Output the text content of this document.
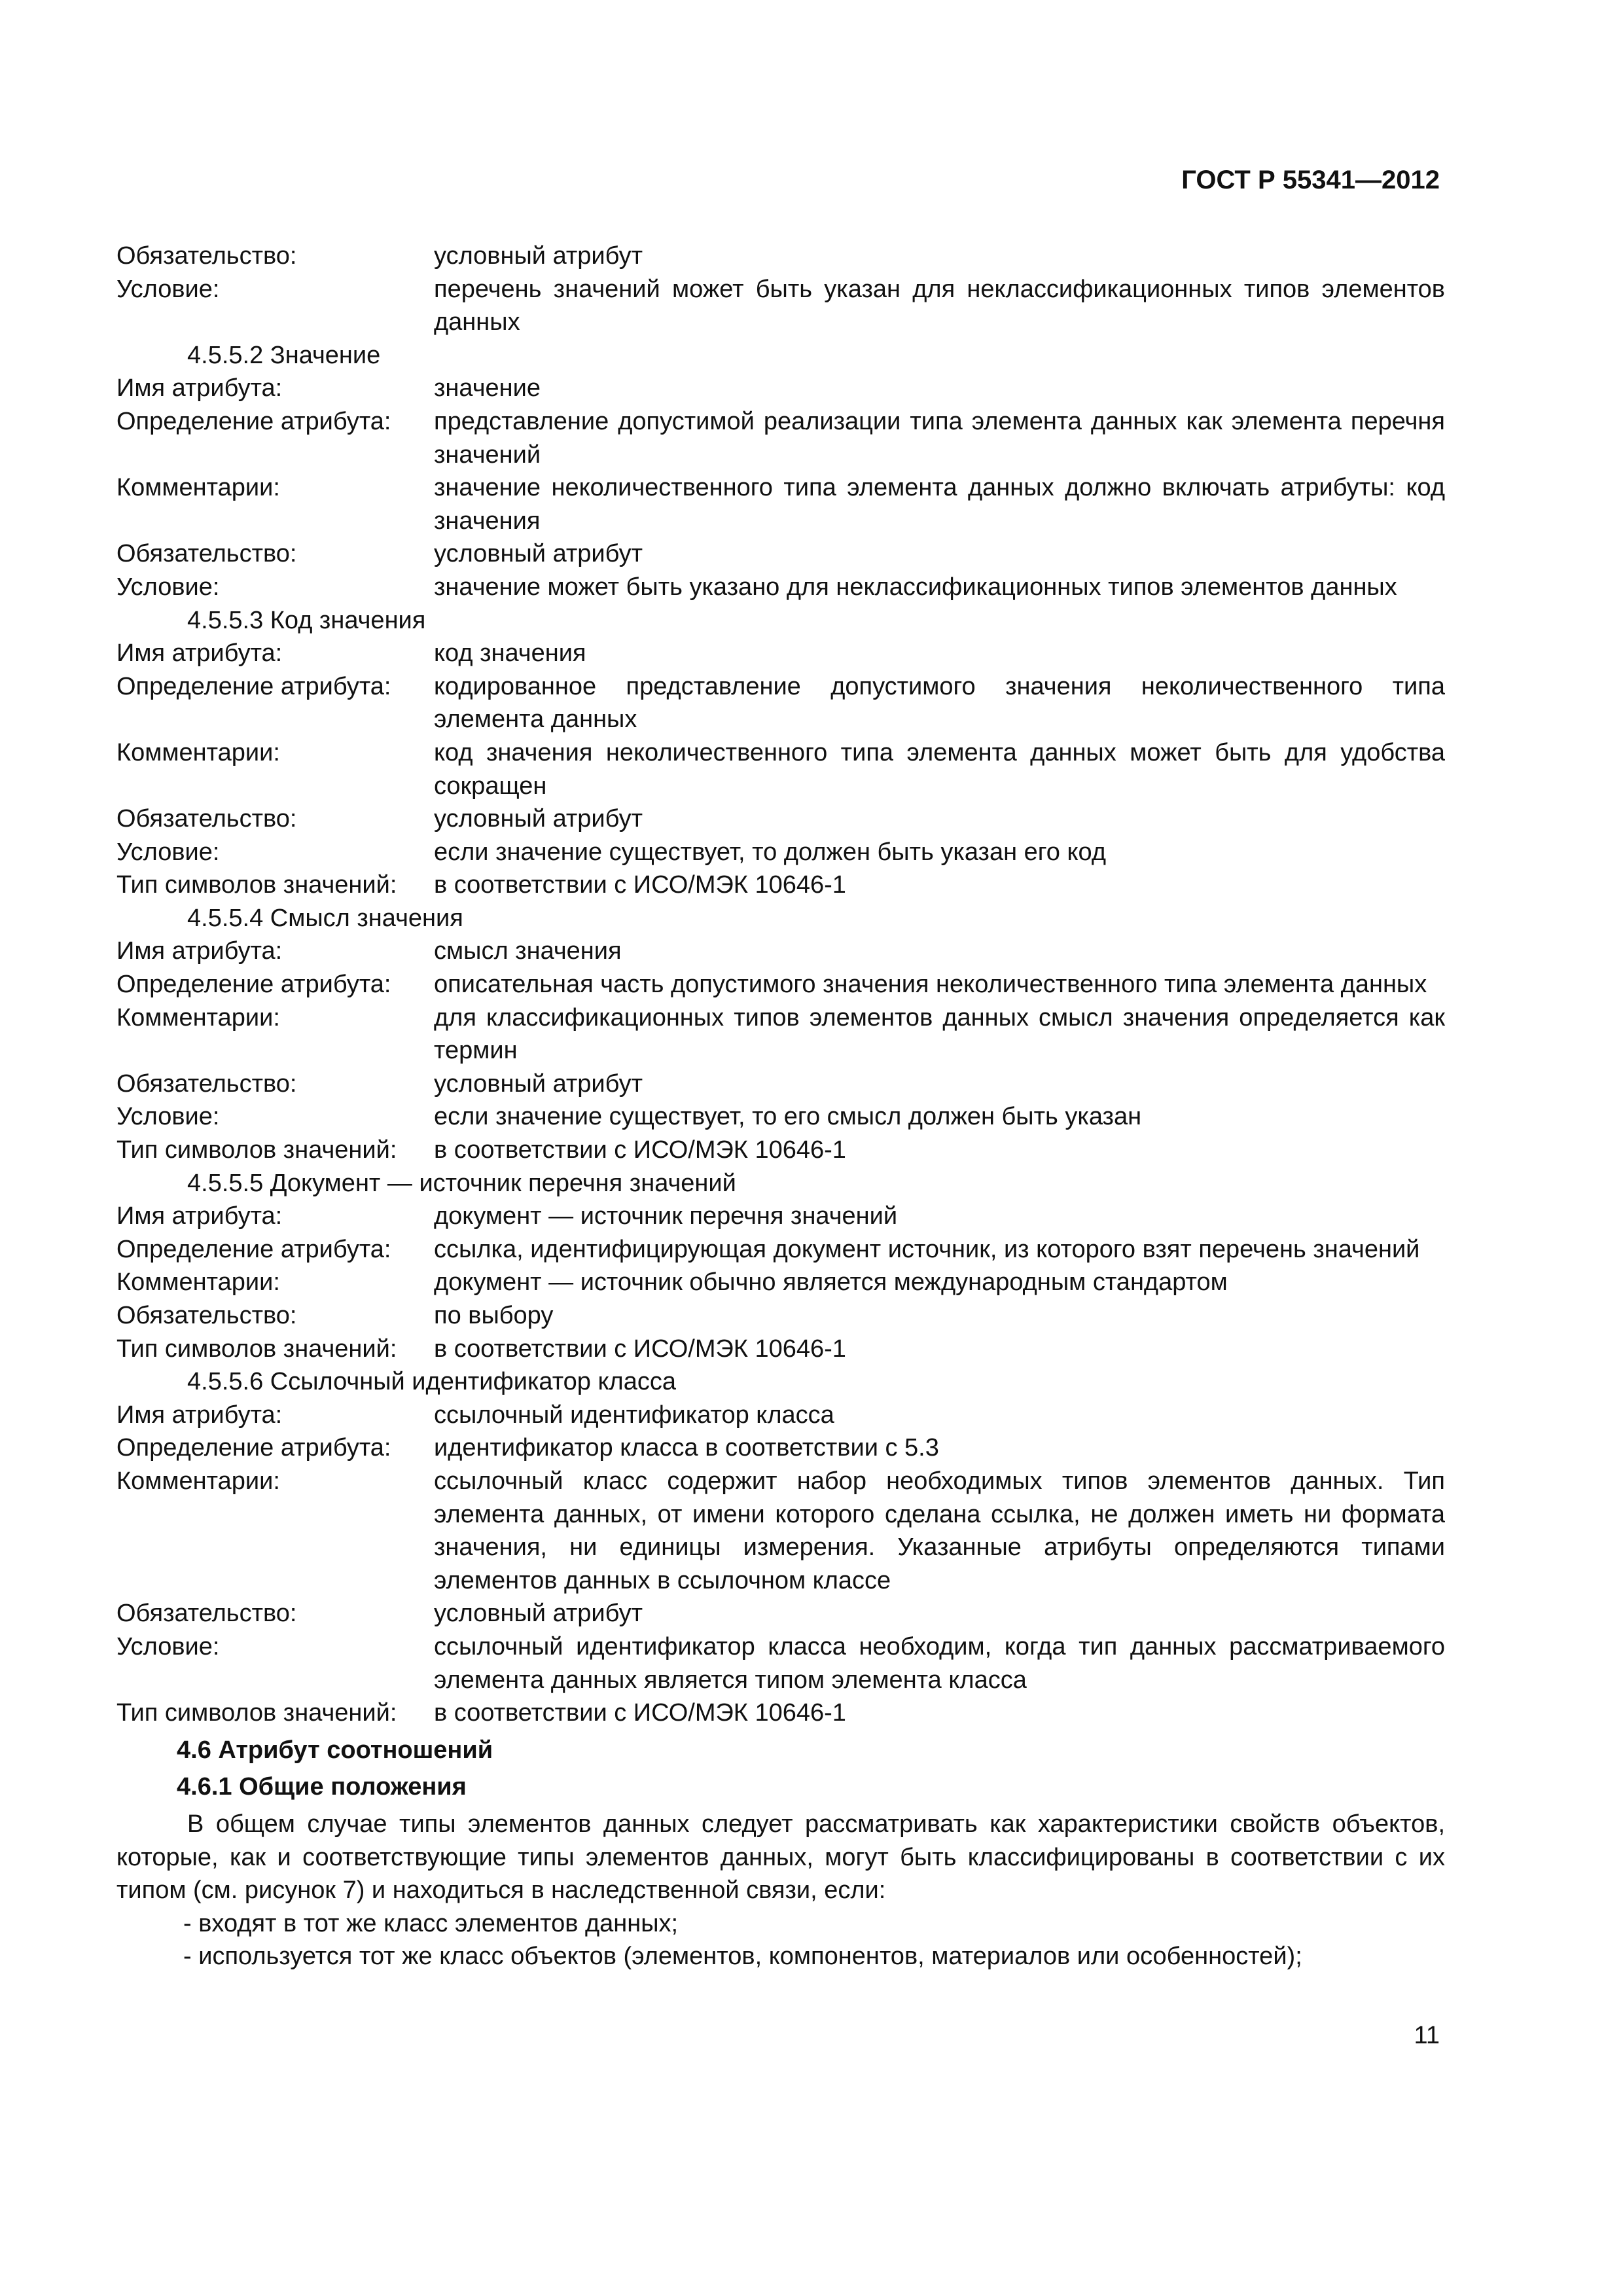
ГОСТ Р 55341—2012
Обязательство:	условный атрибут
Условие:	перечень значений может быть указан для неклассификационных типов элементов данных
4.5.5.2 Значение
Имя атрибута:	значение
Определение атрибута:	представление допустимой реализации типа элемента данных как элемента перечня значений
Комментарии:	значение неколичественного типа элемента данных должно включать атрибуты: код значения
Обязательство:	условный атрибут
Условие:	значение может быть указано для неклассификационных типов элементов данных
4.5.5.3 Код значения
Имя атрибута:	код значения
Определение атрибута:	кодированное представление допустимого значения неколичественного типа элемента данных
Комментарии:	код значения неколичественного типа элемента данных может быть для удобства сокращен
Обязательство:	условный атрибут
Условие:	если значение существует, то должен быть указан его код
Тип символов значений:	в соответствии с ИСО/МЭК 10646-1
4.5.5.4 Смысл значения
Имя атрибута:	смысл значения
Определение атрибута:	описательная часть допустимого значения неколичественного типа элемента данных
Комментарии:	для классификационных типов элементов данных смысл значения определяется как термин
Обязательство:	условный атрибут
Условие:	если значение существует, то его смысл должен быть указан
Тип символов значений:	в соответствии с ИСО/МЭК 10646-1
4.5.5.5 Документ — источник перечня значений
Имя атрибута:	документ — источник перечня значений
Определение атрибута:	ссылка, идентифицирующая документ источник, из которого взят перечень значений
Комментарии:	документ — источник обычно является международным стандартом
Обязательство:	по выбору
Тип символов значений:	в соответствии с ИСО/МЭК 10646-1
4.5.5.6 Ссылочный идентификатор класса
Имя атрибута:	ссылочный идентификатор класса
Определение атрибута:	идентификатор класса в соответствии с 5.3
Комментарии:	ссылочный класс содержит набор необходимых типов элементов данных. Тип элемента данных, от имени которого сделана ссылка, не должен иметь ни формата значения, ни единицы измерения. Указанные атрибуты определяются типами элементов данных в ссылочном классе
Обязательство:	условный атрибут
Условие:	ссылочный идентификатор класса необходим, когда тип данных рассматриваемого элемента данных является типом элемента класса
Тип символов значений:	в соответствии с ИСО/МЭК 10646-1
4.6 Атрибут соотношений
4.6.1 Общие положения
В общем случае типы элементов данных следует рассматривать как характеристики свойств объектов, которые, как и соответствующие типы элементов данных, могут быть классифицированы в соответствии с их типом (см. рисунок 7) и находиться в наследственной связи, если:
- входят в тот же класс элементов данных;
- используется тот же класс объектов (элементов, компонентов, материалов или особенностей);
11
